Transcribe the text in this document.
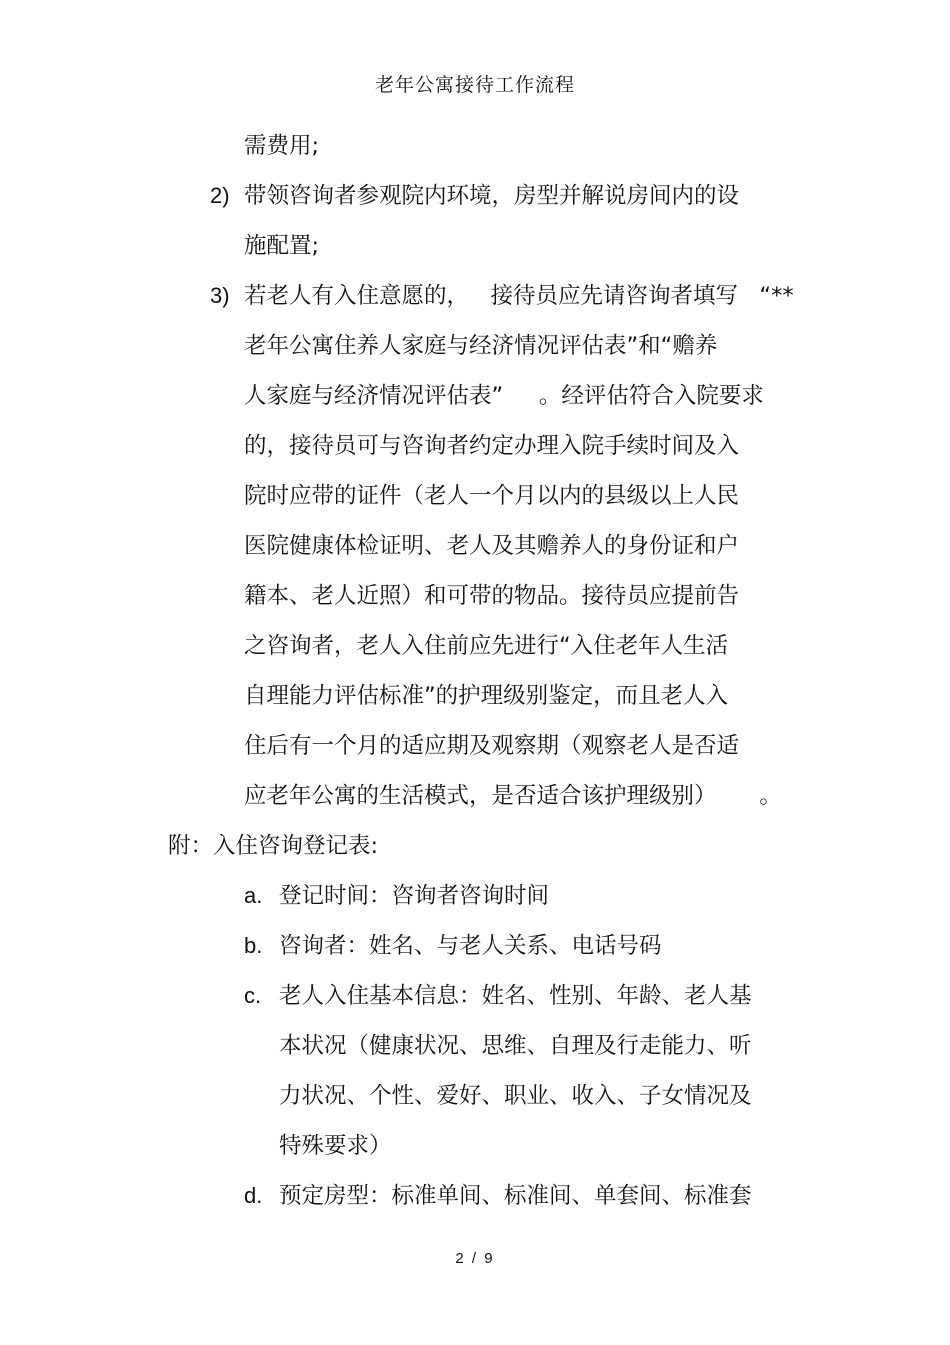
老年公寓接待工作流程
需费用;
2) 带领咨询者参观院内环境，房型并解说房间内的设
施配置;
3) 若老人有入住意愿的，   接待员应先请咨询者填写   “**
老年公寓住养人家庭与经济情况评估表”和“赡养
人家庭与经济情况评估表”     。经评估符合入院要求
的，接待员可与咨询者约定办理入院手续时间及入
院时应带的证件（老人一个月以内的县级以上人民
医院健康体检证明、老人及其赡养人的身份证和户
籍本、老人近照）和可带的物品。接待员应提前告
之咨询者，老人入住前应先进行“入住老年人生活
自理能力评估标准”的护理级别鉴定，而且老人入
住后有一个月的适应期及观察期（观察老人是否适
应老年公寓的生活模式，是否适合该护理级别）      。
附：入住咨询登记表:
a. 登记时间：咨询者咨询时间
b. 咨询者：姓名、与老人关系、电话号码
c. 老人入住基本信息：姓名、性别、年龄、老人基
本状况（健康状况、思维、自理及行走能力、听
力状况、个性、爱好、职业、收入、子女情况及
特殊要求）
d. 预定房型：标准单间、标准间、单套间、标准套
2 / 9
